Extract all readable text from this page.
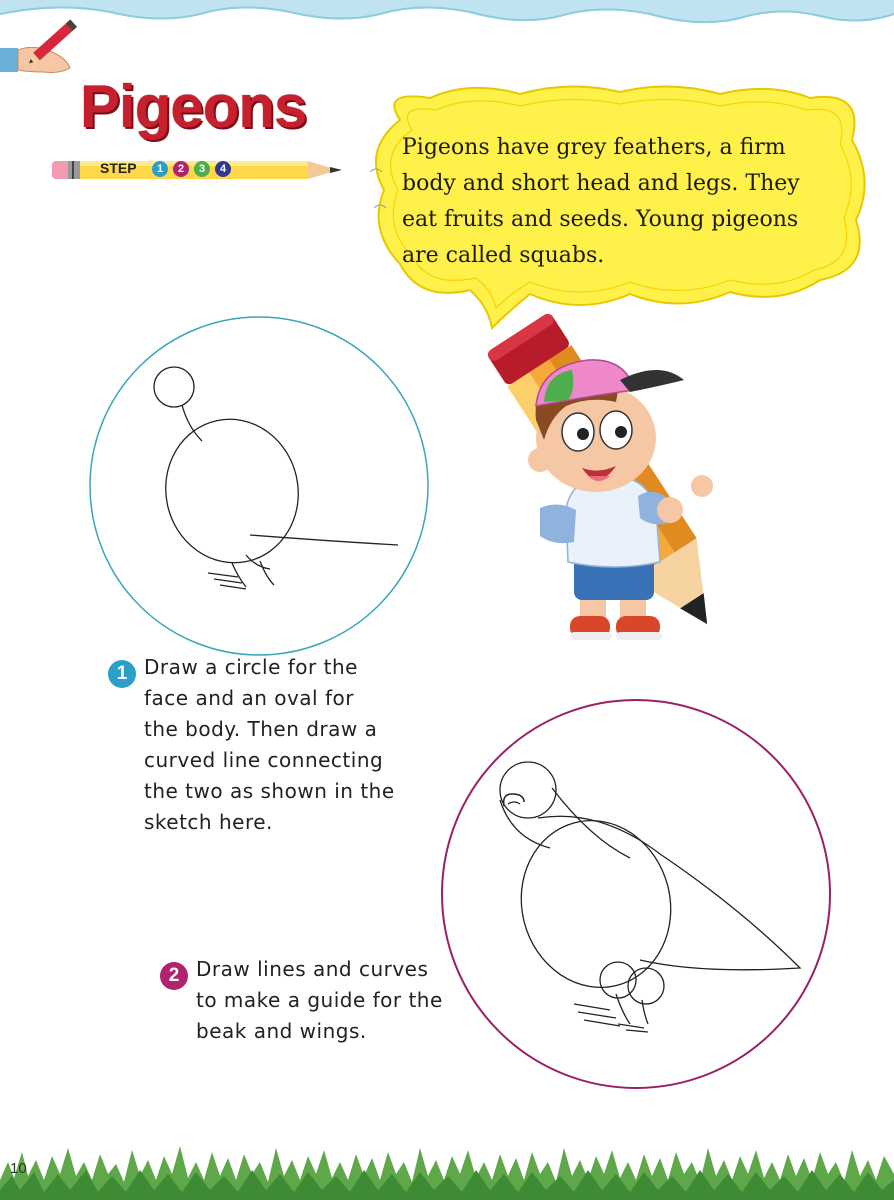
Pigeons
STEP	1	2	3	4
Pigeons have grey feathers, a firm
body and short head and legs. They
eat fruits and seeds. Young pigeons
are called squabs.
1 Draw a circle for the
face and an oval for
the body. Then draw a
curved line connecting
the two as shown in the
sketch here.
2 Draw lines and curves
to make a guide for the
beak and wings.
10
